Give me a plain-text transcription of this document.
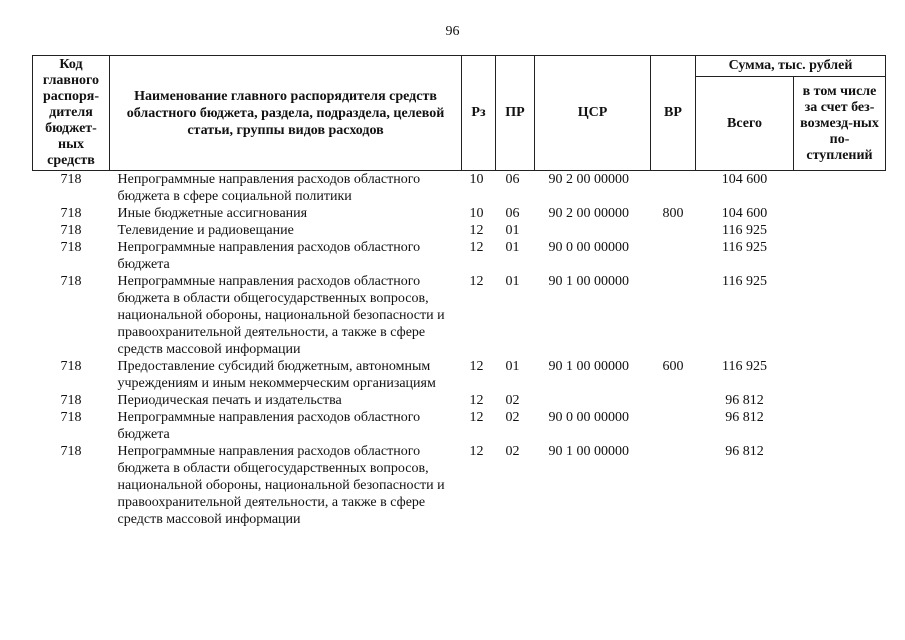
96
Код главного распоря-дителя бюджет-ных средств	Наименование главного распорядителя средств областного бюджета, раздела, подраздела, целевой статьи, группы видов расходов	Рз	ПР	ЦСР	ВР	Сумма, тыс. рублей	
						Всего	в том числе за счет без-возмезд-ных по-ступлений
718	Непрограммные направления расходов областного бюджета в сфере социальной политики	10	06	90 2 00 00000		104 600	
718	Иные бюджетные ассигнования	10	06	90 2 00 00000	800	104 600	
718	Телевидение и радиовещание	12	01			116 925	
718	Непрограммные направления расходов областного бюджета	12	01	90 0 00 00000		116 925	
718	Непрограммные направления расходов областного бюджета в области общегосударственных вопросов, национальной обороны, национальной безопасности и правоохранительной деятельности, а также в сфере средств массовой информации	12	01	90 1 00 00000		116 925	
718	Предоставление субсидий бюджетным, автономным учреждениям и иным некоммерческим организациям	12	01	90 1 00 00000	600	116 925	
718	Периодическая печать и издательства	12	02			96 812	
718	Непрограммные направления расходов областного бюджета	12	02	90 0 00 00000		96 812	
718	Непрограммные направления расходов областного бюджета в области общегосударственных вопросов, национальной обороны, национальной безопасности и правоохранительной деятельности, а также в сфере средств массовой информации	12	02	90 1 00 00000		96 812	
